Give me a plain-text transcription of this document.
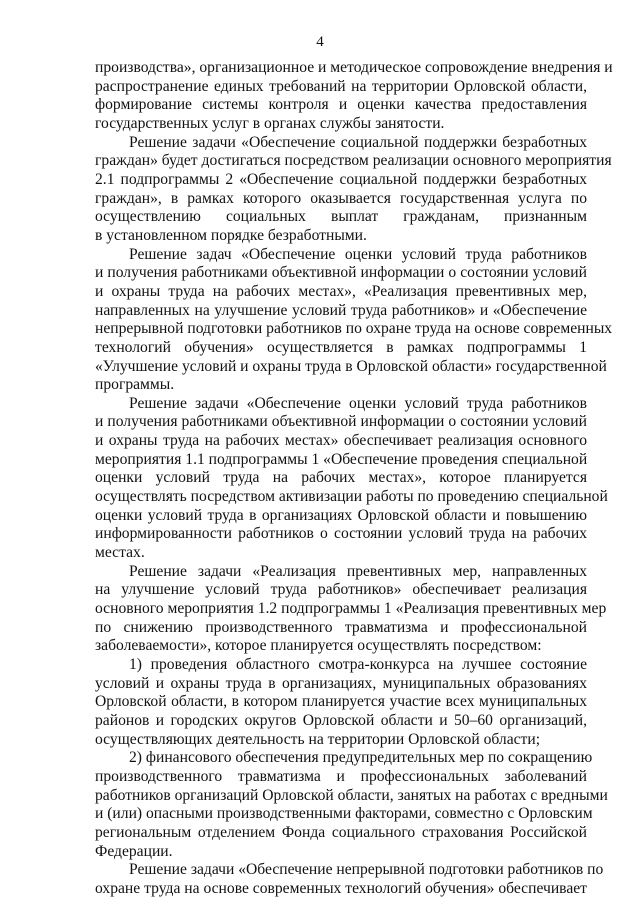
4
производства», организационное и методическое сопровождение внедрения и
распространение единых требований на территории Орловской области,
формирование системы контроля и оценки качества предоставления
государственных услуг в органах службы занятости.
Решение задачи «Обеспечение социальной поддержки безработных
граждан» будет достигаться посредством реализации основного мероприятия
2.1 подпрограммы 2 «Обеспечение социальной поддержки безработных
граждан», в рамках которого оказывается государственная услуга по
осуществлению социальных выплат гражданам, признанным
в установленном порядке безработными.
Решение задач «Обеспечение оценки условий труда работников
и получения работниками объективной информации о состоянии условий
и охраны труда на рабочих местах», «Реализация превентивных мер,
направленных на улучшение условий труда работников» и «Обеспечение
непрерывной подготовки работников по охране труда на основе современных
технологий обучения» осуществляется в рамках подпрограммы 1
«Улучшение условий и охраны труда в Орловской области» государственной
программы.
Решение задачи «Обеспечение оценки условий труда работников
и получения работниками объективной информации о состоянии условий
и охраны труда на рабочих местах» обеспечивает реализация основного
мероприятия 1.1 подпрограммы 1 «Обеспечение проведения специальной
оценки условий труда на рабочих местах», которое планируется
осуществлять посредством активизации работы по проведению специальной
оценки условий труда в организациях Орловской области и повышению
информированности работников о состоянии условий труда на рабочих
местах.
Решение задачи «Реализация превентивных мер, направленных
на улучшение условий труда работников» обеспечивает реализация
основного мероприятия 1.2 подпрограммы 1 «Реализация превентивных мер
по снижению производственного травматизма и профессиональной
заболеваемости», которое планируется осуществлять посредством:
1) проведения областного смотра-конкурса на лучшее состояние
условий и охраны труда в организациях, муниципальных образованиях
Орловской области, в котором планируется участие всех муниципальных
районов и городских округов Орловской области и 50–60 организаций,
осуществляющих деятельность на территории Орловской области;
2) финансового обеспечения предупредительных мер по сокращению
производственного травматизма и профессиональных заболеваний
работников организаций Орловской области, занятых на работах с вредными
и (или) опасными производственными факторами, совместно с Орловским
региональным отделением Фонда социального страхования Российской
Федерации.
Решение задачи «Обеспечение непрерывной подготовки работников по
охране труда на основе современных технологий обучения» обеспечивает
